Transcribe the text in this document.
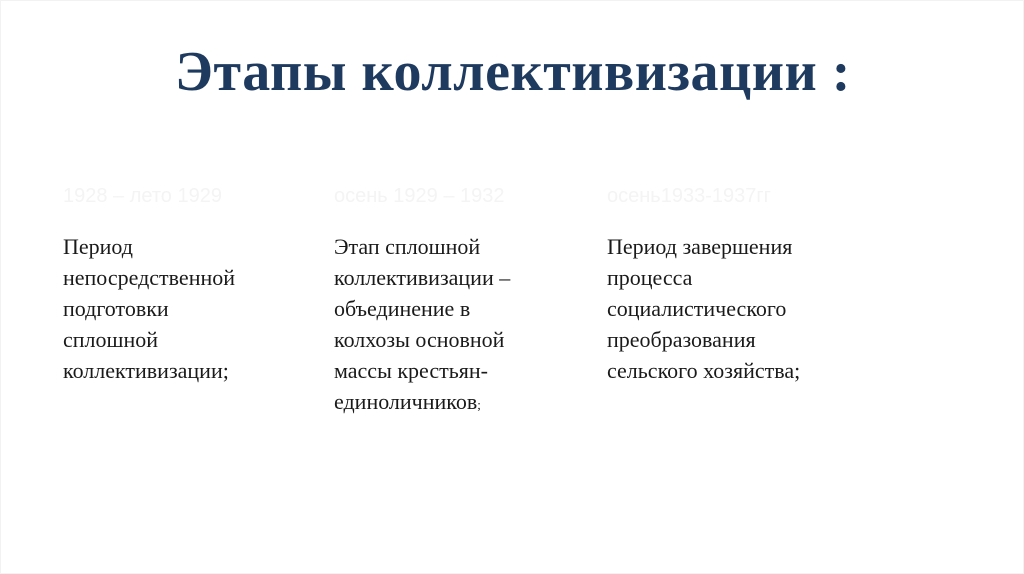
Этапы коллективизации :
1928 – лето 1929
Период
непосредственной
подготовки
сплошной
коллективизации;
осень 1929 – 1932
Этап сплошной
коллективизации –
объединение в
колхозы основной
массы крестьян-
единоличников;
осень1933-1937гг
Период завершения
процесса
социалистического
преобразования
сельского хозяйства;
